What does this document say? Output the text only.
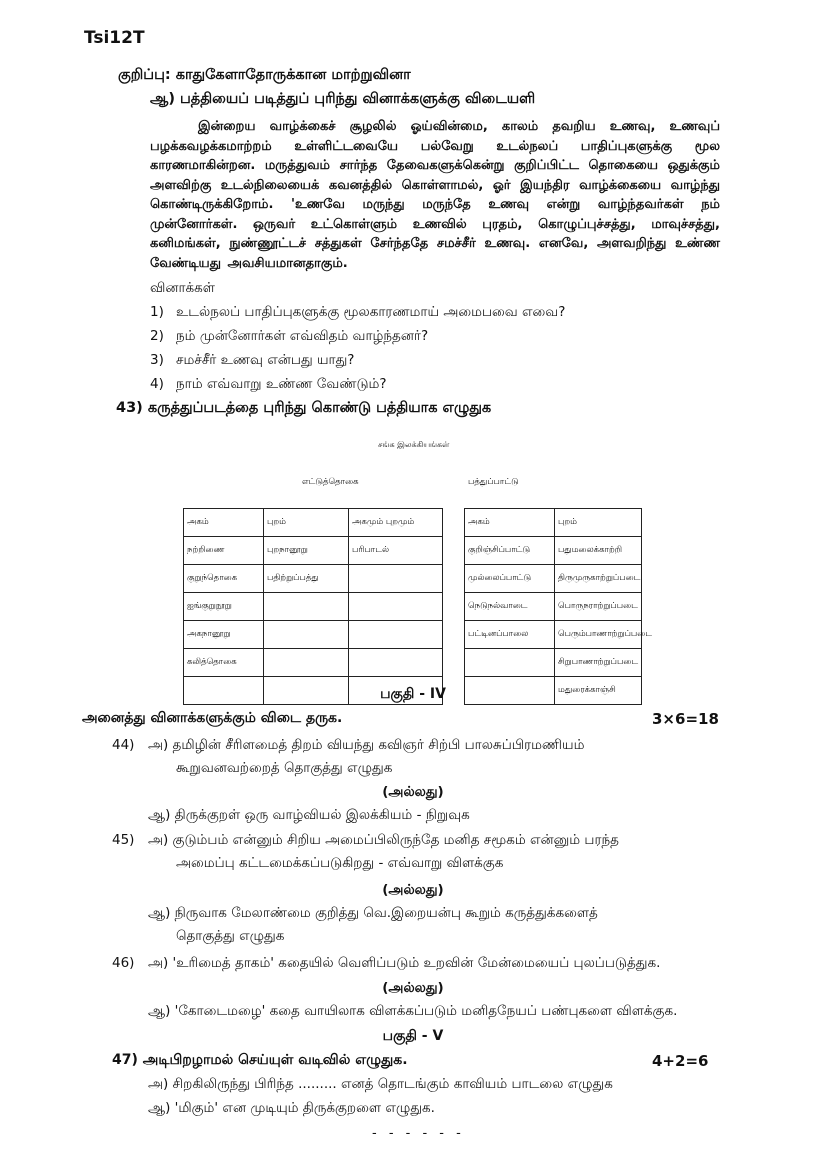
Tsi12T
குறிப்பு: காதுகேளாதோருக்கான மாற்றுவினா
ஆ) பத்தியைப் படித்துப் புரிந்து வினாக்களுக்கு விடையளி
இன்றைய வாழ்க்கைச் சூழலில் ஓய்வின்மை, காலம் தவறிய உணவு, உணவுப் பழக்கவழக்கமாற்றம் உள்ளிட்டவையே பல்வேறு உடல்நலப் பாதிப்புகளுக்கு மூல காரணமாகின்றன. மருத்துவம் சார்ந்த தேவைகளுக்கென்று குறிப்பிட்ட தொகையை ஒதுக்கும் அளவிற்கு உடல்நிலையைக் கவனத்தில் கொள்ளாமல், ஓர் இயந்திர வாழ்க்கையை வாழ்ந்து கொண்டிருக்கிறோம். 'உணவே மருந்து மருந்தே உணவு என்று வாழ்ந்தவர்கள் நம் முன்னோர்கள். ஒருவர் உட்கொள்ளும் உணவில் புரதம், கொழுப்புச்சத்து, மாவுச்சத்து, கனிமங்கள், நுண்ணூட்டச் சத்துகள் சேர்ந்ததே சமச்சீர் உணவு. எனவே, அளவறிந்து உண்ண வேண்டியது அவசியமானதாகும்.
வினாக்கள்
1) உடல்நலப் பாதிப்புகளுக்கு மூலகாரணமாய் அமைபவை எவை?
2) நம் முன்னோர்கள் எவ்விதம் வாழ்ந்தனர்?
3) சமச்சீர் உணவு என்பது யாது?
4) நாம் எவ்வாறு உண்ண வேண்டும்?
43) கருத்துப்படத்தை புரிந்து கொண்டு பத்தியாக எழுதுக
சங்க இலக்கியங்கள்
எட்டுத்தொகை	பத்துப்பாட்டு
அகம்	புறம்	அகமும் புறமும்
நற்றிணை	புறநானூறு	பரிபாடல்
குறுந்தொகை	பதிற்றுப்பத்து	
ஐங்குறுநூறு		
அகநானூறு		
கலித்தொகை		

அகம்	புறம்
குறிஞ்சிப்பாட்டு	பதுமலைக்காற்றி
முல்லைப்பாட்டு	திருமுருகாற்றுப்படை
நெடுநல்வாடை	பொருநராற்றுப்படை
பட்டினப்பாலை	பெரும்பாணாற்றுப்படை
	சிறுபாணாற்றுப்படை
	மதுரைக்காஞ்சி
பகுதி - IV
அனைத்து வினாக்களுக்கும் விடை தருக.	3×6=18
44) அ) தமிழின் சீரிளமைத் திறம் வியந்து கவிஞர் சிற்பி பாலசுப்பிரமணியம்
கூறுவனவற்றைத் தொகுத்து எழுதுக
(அல்லது)
ஆ) திருக்குறள் ஒரு வாழ்வியல் இலக்கியம் - நிறுவுக
45) அ) குடும்பம் என்னும் சிறிய அமைப்பிலிருந்தே மனித சமூகம் என்னும் பரந்த
அமைப்பு கட்டமைக்கப்படுகிறது - எவ்வாறு விளக்குக
(அல்லது)
ஆ) நிருவாக மேலாண்மை குறித்து வெ.இறையன்பு கூறும் கருத்துக்களைத்
தொகுத்து எழுதுக
46) அ) 'உரிமைத் தாகம்' கதையில் வெளிப்படும் உறவின் மேன்மையைப் புலப்படுத்துக.
(அல்லது)
ஆ) 'கோடைமழை' கதை வாயிலாக விளக்கப்படும் மனிதநேயப் பண்புகளை விளக்குக.
பகுதி - V
47) அடிபிறழாமல் செய்யுள் வடிவில் எழுதுக.	4+2=6
அ) சிறகிலிருந்து பிரிந்த ......... எனத் தொடங்கும் காவியம் பாடலை எழுதுக
ஆ) 'மிகும்' என முடியும் திருக்குறளை எழுதுக.
- - - - - -
